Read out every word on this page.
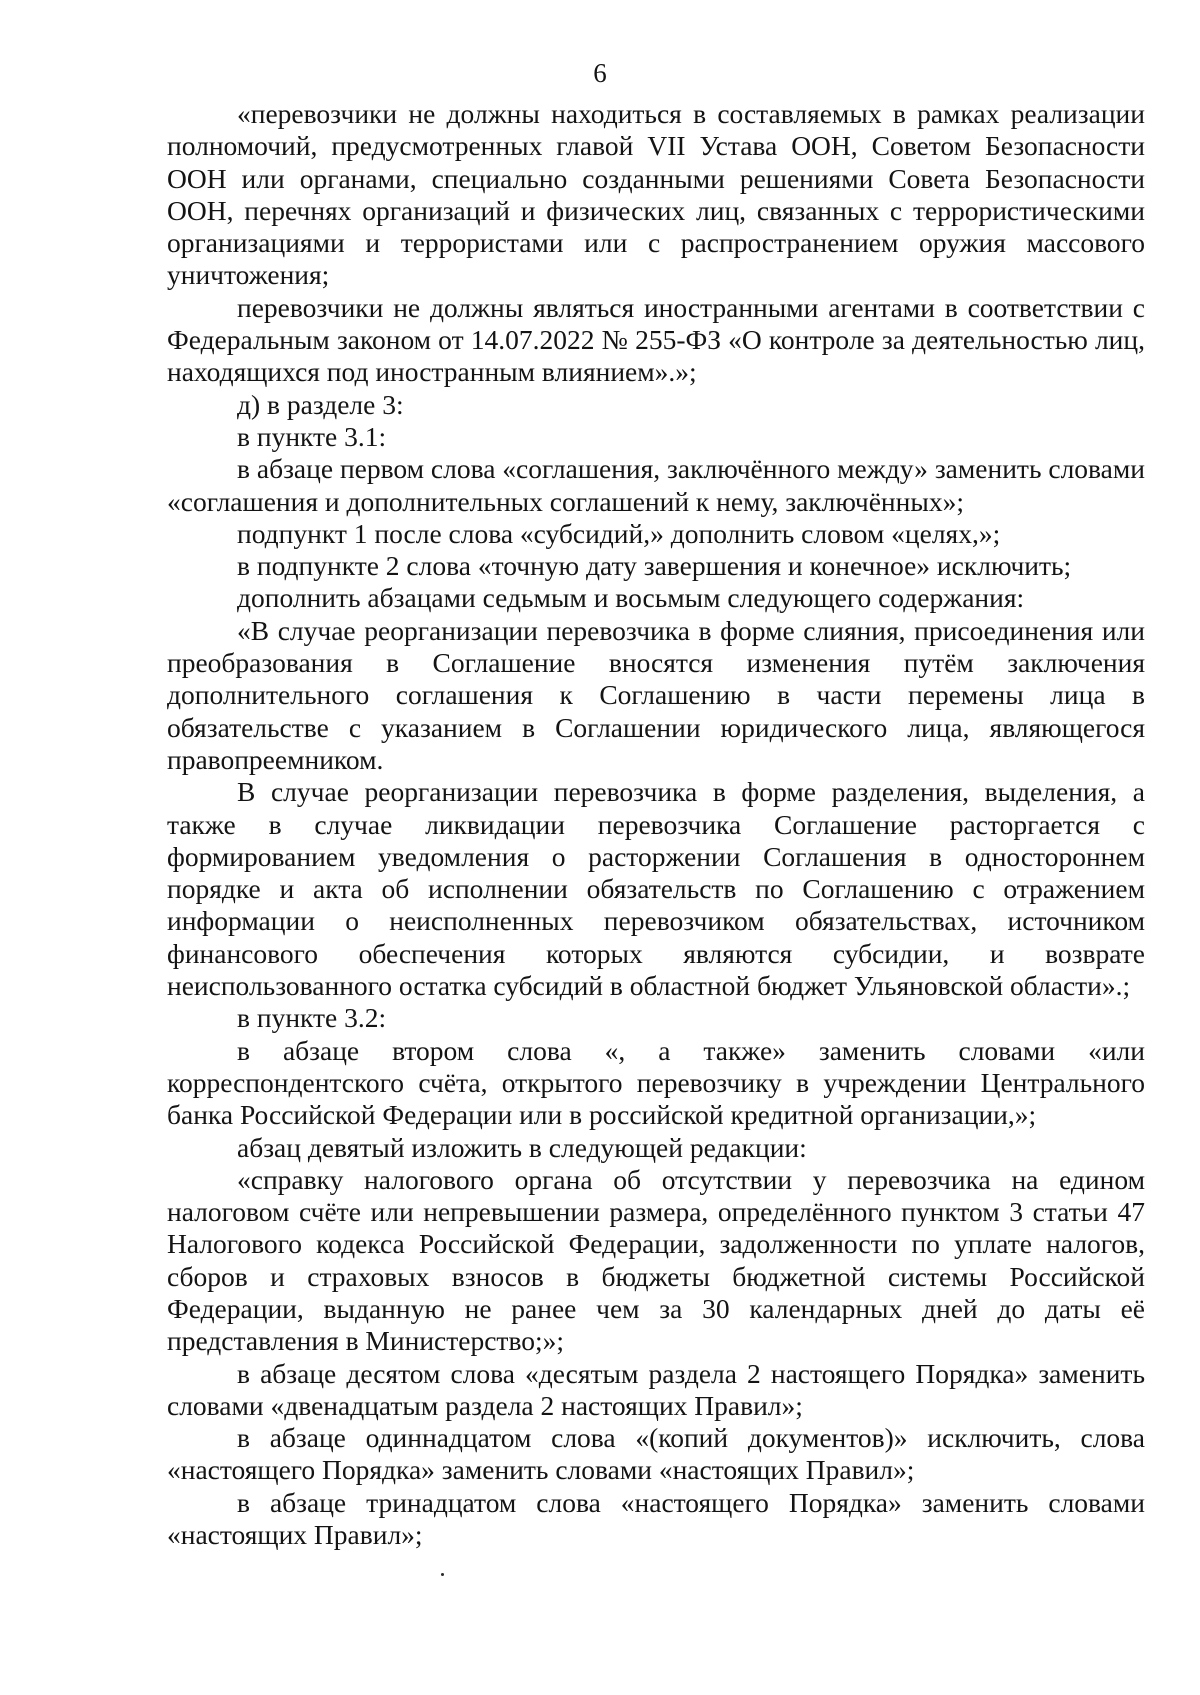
6

«перевозчики не должны находиться в составляемых в рамках реализации полномочий, предусмотренных главой VII Устава ООН, Советом Безопасности ООН или органами, специально созданными решениями Совета Безопасности ООН, перечнях организаций и физических лиц, связанных с террористическими организациями и террористами или с распространением оружия массового уничтожения;

перевозчики не должны являться иностранными агентами в соответствии с Федеральным законом от 14.07.2022 № 255-ФЗ «О контроле за деятельностью лиц, находящихся под иностранным влиянием».»;

д) в разделе 3:

в пункте 3.1:

в абзаце первом слова «соглашения, заключённого между» заменить словами «соглашения и дополнительных соглашений к нему, заключённых»;

подпункт 1 после слова «субсидий,» дополнить словом «целях,»;

в подпункте 2 слова «точную дату завершения и конечное» исключить;

дополнить абзацами седьмым и восьмым следующего содержания:

«В случае реорганизации перевозчика в форме слияния, присоединения или преобразования в Соглашение вносятся изменения путём заключения дополнительного соглашения к Соглашению в части перемены лица в обязательстве с указанием в Соглашении юридического лица, являющегося правопреемником.

В случае реорганизации перевозчика в форме разделения, выделения, а также в случае ликвидации перевозчика Соглашение расторгается с формированием уведомления о расторжении Соглашения в одностороннем порядке и акта об исполнении обязательств по Соглашению с отражением информации о неисполненных перевозчиком обязательствах, источником финансового обеспечения которых являются субсидии, и возврате неиспользованного остатка субсидий в областной бюджет Ульяновской области».;

в пункте 3.2:

в абзаце втором слова «, а также» заменить словами «или корреспондентского счёта, открытого перевозчику в учреждении Центрального банка Российской Федерации или в российской кредитной организации,»;

абзац девятый изложить в следующей редакции:

«справку налогового органа об отсутствии у перевозчика на едином налоговом счёте или непревышении размера, определённого пунктом 3 статьи 47 Налогового кодекса Российской Федерации, задолженности по уплате налогов, сборов и страховых взносов в бюджеты бюджетной системы Российской Федерации, выданную не ранее чем за 30 календарных дней до даты её представления в Министерство;»;

в абзаце десятом слова «десятым раздела 2 настоящего Порядка» заменить словами «двенадцатым раздела 2 настоящих Правил»;

в абзаце одиннадцатом слова «(копий документов)» исключить, слова «настоящего Порядка» заменить словами «настоящих Правил»;

в абзаце тринадцатом слова «настоящего Порядка» заменить словами «настоящих Правил»;
